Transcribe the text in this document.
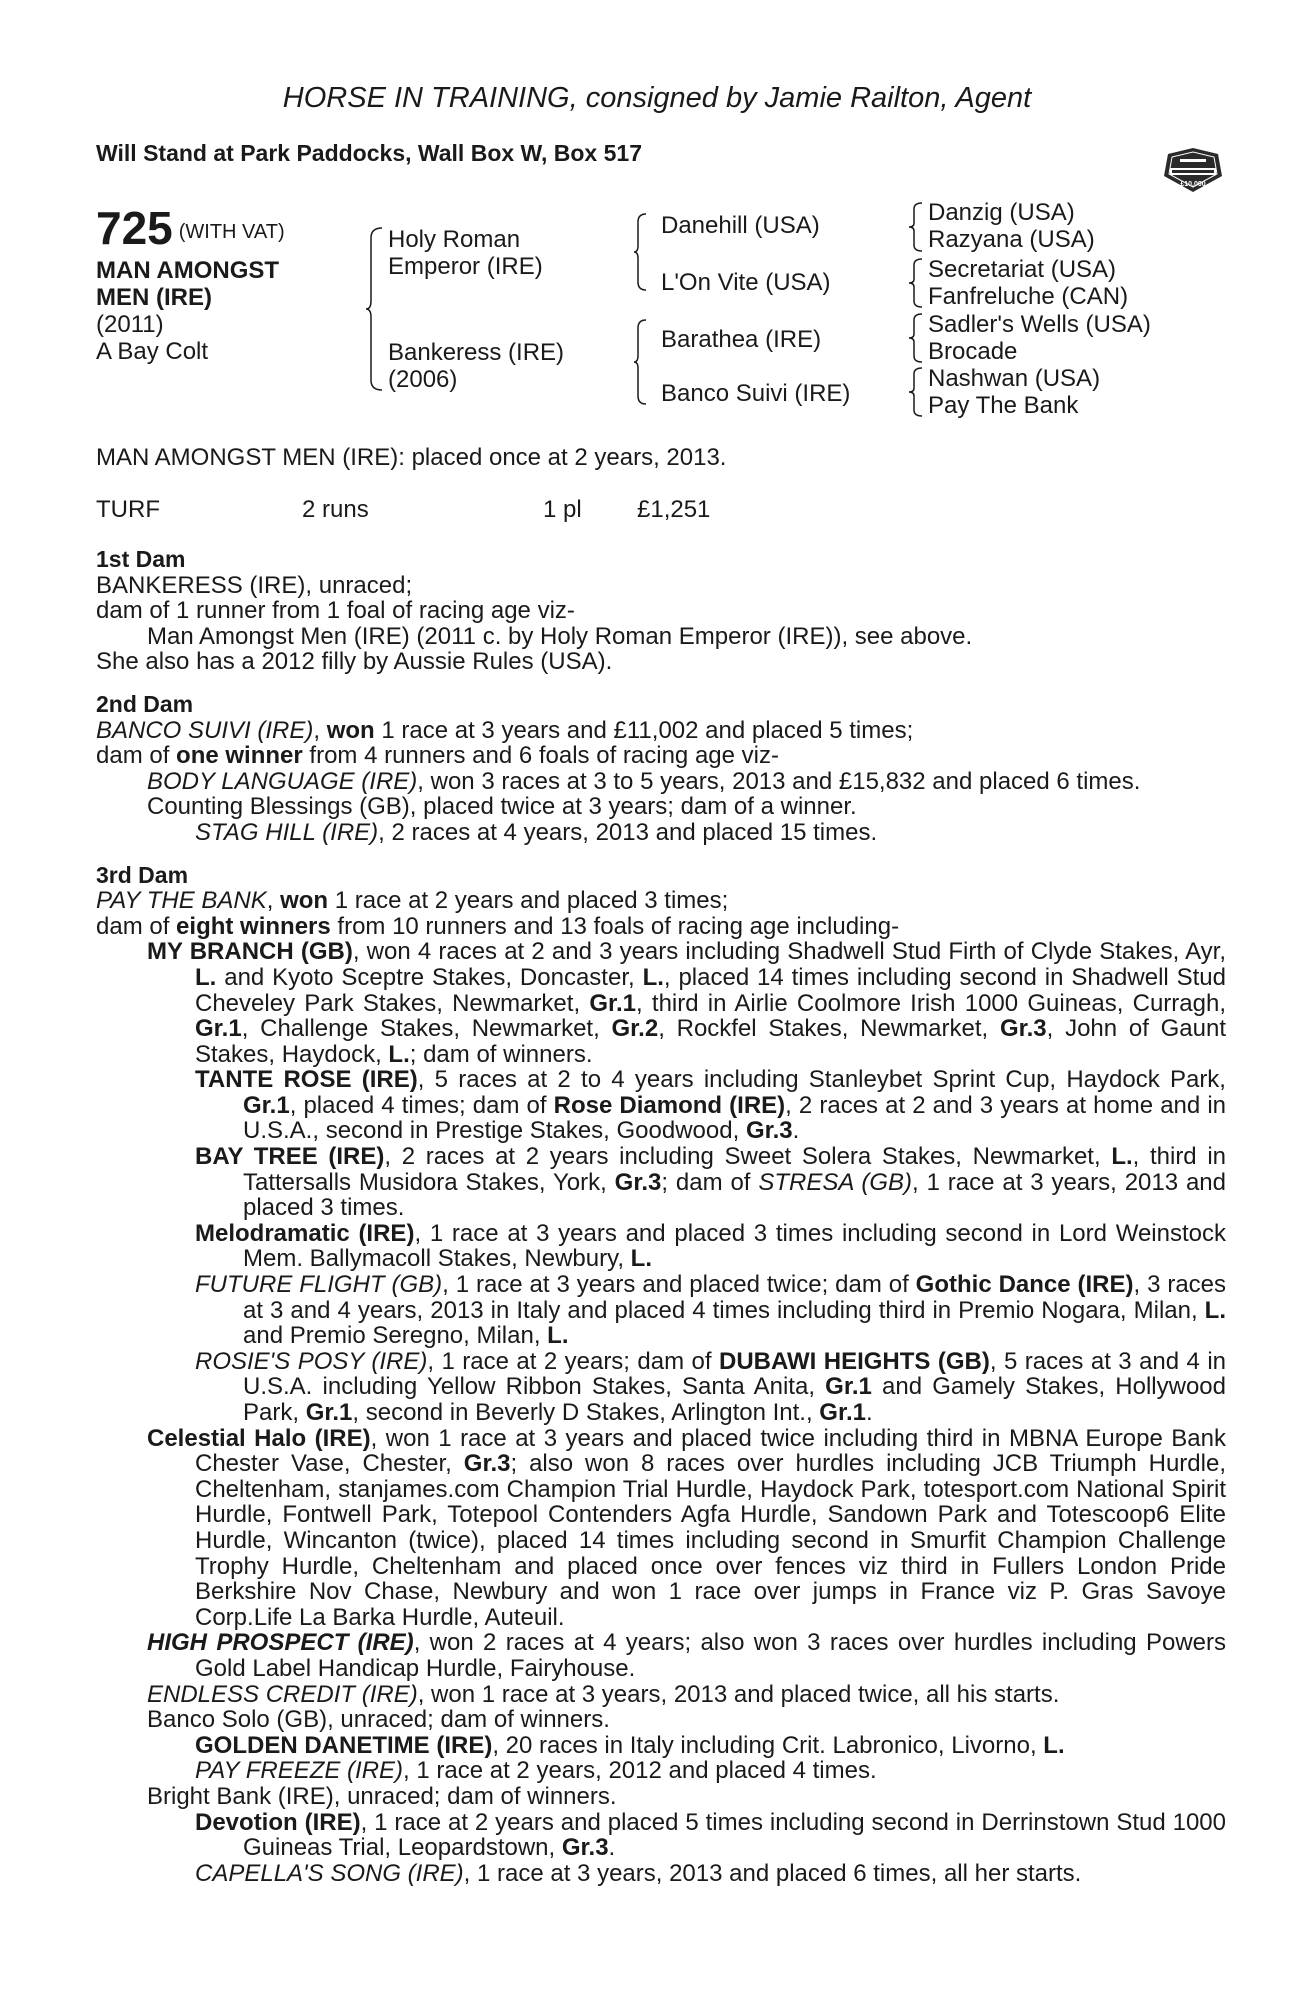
HORSE IN TRAINING, consigned by Jamie Railton, Agent
Will Stand at Park Paddocks, Wall Box W, Box 517
£10,000
725 (WITH VAT)
MAN AMONGST
MEN (IRE)
(2011)
A Bay Colt
Holy Roman
Emperor (IRE)
Bankeress (IRE)
(2006)
Danehill (USA)
L'On Vite (USA)
Barathea (IRE)
Banco Suivi (IRE)
Danzig (USA)
Razyana (USA)
Secretariat (USA)
Fanfreluche (CAN)
Sadler's Wells (USA)
Brocade
Nashwan (USA)
Pay The Bank
MAN AMONGST MEN (IRE): placed once at 2 years, 2013.
TURF	2 runs	1 pl £1,251
1st Dam
BANKERESS (IRE), unraced;
dam of 1 runner from 1 foal of racing age viz-
Man Amongst Men (IRE) (2011 c. by Holy Roman Emperor (IRE)), see above.
She also has a 2012 filly by Aussie Rules (USA).
2nd Dam
BANCO SUIVI (IRE), won 1 race at 3 years and £11,002 and placed 5 times;
dam of one winner from 4 runners and 6 foals of racing age viz-
BODY LANGUAGE (IRE), won 3 races at 3 to 5 years, 2013 and £15,832 and placed 6 times.
Counting Blessings (GB), placed twice at 3 years; dam of a winner.
STAG HILL (IRE), 2 races at 4 years, 2013 and placed 15 times.
3rd Dam
PAY THE BANK, won 1 race at 2 years and placed 3 times;
dam of eight winners from 10 runners and 13 foals of racing age including-
MY BRANCH (GB), won 4 races at 2 and 3 years including Shadwell Stud Firth of Clyde Stakes, Ayr, L. and Kyoto Sceptre Stakes, Doncaster, L., placed 14 times including second in Shadwell Stud Cheveley Park Stakes, Newmarket, Gr.1, third in Airlie Coolmore Irish 1000 Guineas, Curragh, Gr.1, Challenge Stakes, Newmarket, Gr.2, Rockfel Stakes, Newmarket, Gr.3, John of Gaunt Stakes, Haydock, L.; dam of winners.
TANTE ROSE (IRE), 5 races at 2 to 4 years including Stanleybet Sprint Cup, Haydock Park, Gr.1, placed 4 times; dam of Rose Diamond (IRE), 2 races at 2 and 3 years at home and in U.S.A., second in Prestige Stakes, Goodwood, Gr.3.
BAY TREE (IRE), 2 races at 2 years including Sweet Solera Stakes, Newmarket, L., third in Tattersalls Musidora Stakes, York, Gr.3; dam of STRESA (GB), 1 race at 3 years, 2013 and placed 3 times.
Melodramatic (IRE), 1 race at 3 years and placed 3 times including second in Lord Weinstock Mem. Ballymacoll Stakes, Newbury, L.
FUTURE FLIGHT (GB), 1 race at 3 years and placed twice; dam of Gothic Dance (IRE), 3 races at 3 and 4 years, 2013 in Italy and placed 4 times including third in Premio Nogara, Milan, L. and Premio Seregno, Milan, L.
ROSIE'S POSY (IRE), 1 race at 2 years; dam of DUBAWI HEIGHTS (GB), 5 races at 3 and 4 in U.S.A. including Yellow Ribbon Stakes, Santa Anita, Gr.1 and Gamely Stakes, Hollywood Park, Gr.1, second in Beverly D Stakes, Arlington Int., Gr.1.
Celestial Halo (IRE), won 1 race at 3 years and placed twice including third in MBNA Europe Bank Chester Vase, Chester, Gr.3; also won 8 races over hurdles including JCB Triumph Hurdle, Cheltenham, stanjames.com Champion Trial Hurdle, Haydock Park, totesport.com National Spirit Hurdle, Fontwell Park, Totepool Contenders Agfa Hurdle, Sandown Park and Totescoop6 Elite Hurdle, Wincanton (twice), placed 14 times including second in Smurfit Champion Challenge Trophy Hurdle, Cheltenham and placed once over fences viz third in Fullers London Pride Berkshire Nov Chase, Newbury and won 1 race over jumps in France viz P. Gras Savoye Corp.Life La Barka Hurdle, Auteuil.
HIGH PROSPECT (IRE), won 2 races at 4 years; also won 3 races over hurdles including Powers Gold Label Handicap Hurdle, Fairyhouse.
ENDLESS CREDIT (IRE), won 1 race at 3 years, 2013 and placed twice, all his starts.
Banco Solo (GB), unraced; dam of winners.
GOLDEN DANETIME (IRE), 20 races in Italy including Crit. Labronico, Livorno, L.
PAY FREEZE (IRE), 1 race at 2 years, 2012 and placed 4 times.
Bright Bank (IRE), unraced; dam of winners.
Devotion (IRE), 1 race at 2 years and placed 5 times including second in Derrinstown Stud 1000 Guineas Trial, Leopardstown, Gr.3.
CAPELLA'S SONG (IRE), 1 race at 3 years, 2013 and placed 6 times, all her starts.
